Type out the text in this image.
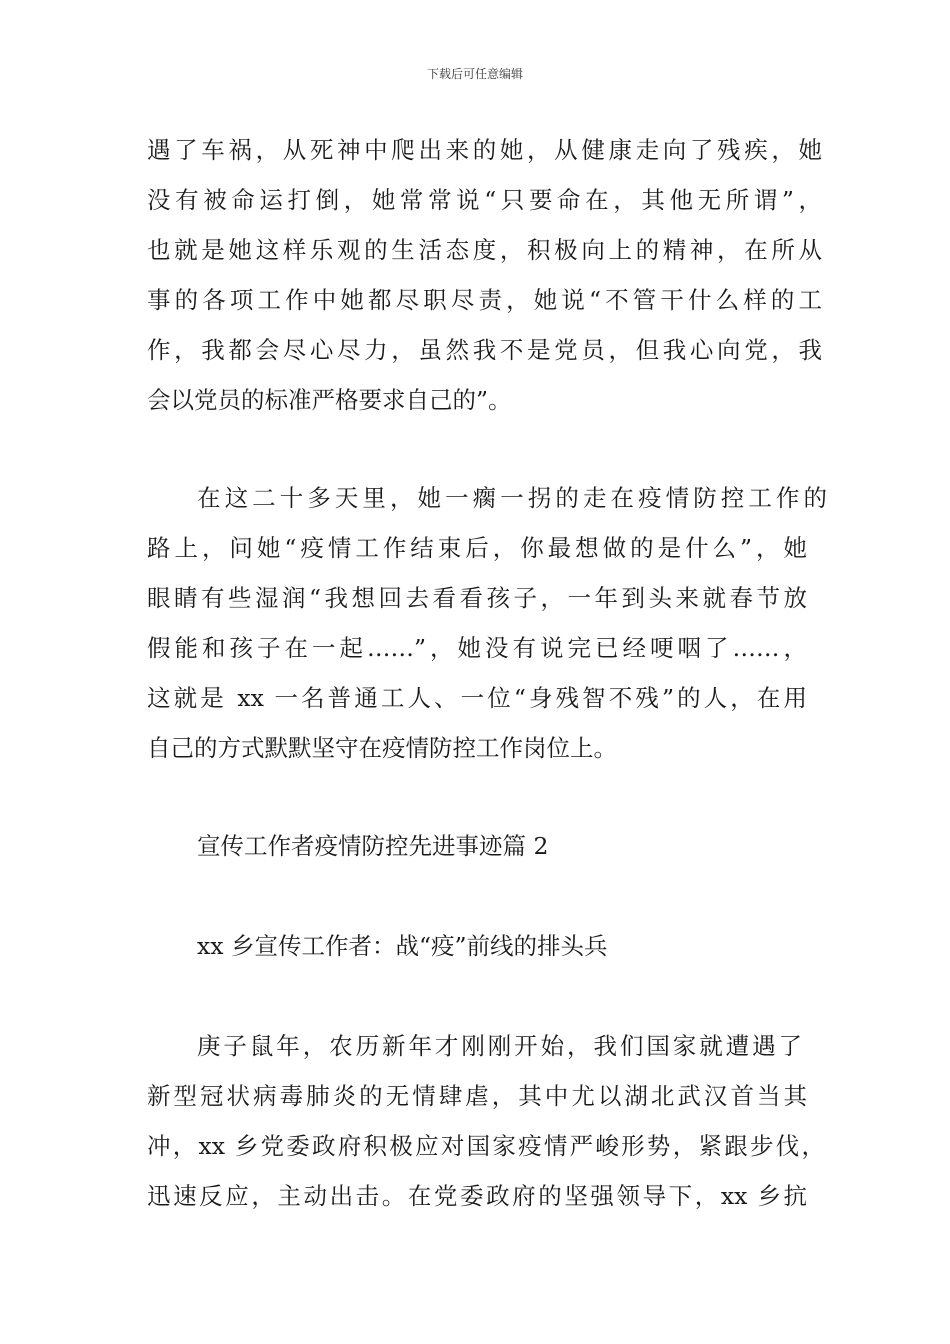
下载后可任意编辑
遇了车祸，从死神中爬出来的她，从健康走向了残疾，她
没有被命运打倒，她常常说“只要命在，其他无所谓”，
也就是她这样乐观的生活态度，积极向上的精神，在所从
事的各项工作中她都尽职尽责，她说“不管干什么样的工
作，我都会尽心尽力，虽然我不是党员，但我心向党，我
会以党员的标准严格要求自己的”。
在这二十多天里，她一瘸一拐的走在疫情防控工作的
路上，问她“疫情工作结束后，你最想做的是什么”，她
眼睛有些湿润“我想回去看看孩子，一年到头来就春节放
假能和孩子在一起……”，她没有说完已经哽咽了……，
这就是 xx 一名普通工人、一位“身残智不残”的人，在用
自己的方式默默坚守在疫情防控工作岗位上。
宣传工作者疫情防控先进事迹篇 2
xx 乡宣传工作者：战“疫”前线的排头兵
庚子鼠年，农历新年才刚刚开始，我们国家就遭遇了
新型冠状病毒肺炎的无情肆虐，其中尤以湖北武汉首当其
冲，xx 乡党委政府积极应对国家疫情严峻形势，紧跟步伐，
迅速反应，主动出击。在党委政府的坚强领导下，xx 乡抗
